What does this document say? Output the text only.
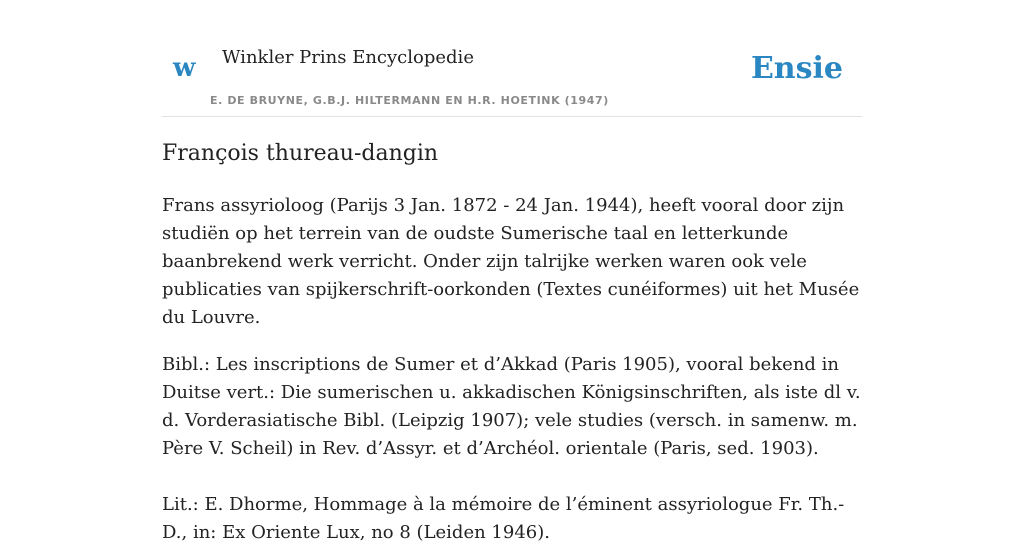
w Winkler Prins Encyclopedie
E. DE BRUYNE, G.B.J. HILTERMANN EN H.R. HOETINK (1947)
Ensie
François thureau-dangin

Frans assyrioloog (Parijs 3 Jan. 1872 - 24 Jan. 1944), heeft vooral door zijn studiën op het terrein van de oudste Sumerische taal en letterkunde baanbrekend werk verricht. Onder zijn talrijke werken waren ook vele publicaties van spijkerschrift-oorkonden (Textes cunéiformes) uit het Musée du Louvre.

Bibl.: Les inscriptions de Sumer et d’Akkad (Paris 1905), vooral bekend in Duitse vert.: Die sumerischen u. akkadischen Königsinschriften, als iste dl v. d. Vorderasiatische Bibl. (Leipzig 1907); vele studies (versch. in samenw. m. Père V. Scheil) in Rev. d’Assyr. et d’Archéol. orientale (Paris, sed. 1903).

Lit.: E. Dhorme, Hommage à la mémoire de l’éminent assyriologue Fr. Th.-D., in: Ex Oriente Lux, no 8 (Leiden 1946).
